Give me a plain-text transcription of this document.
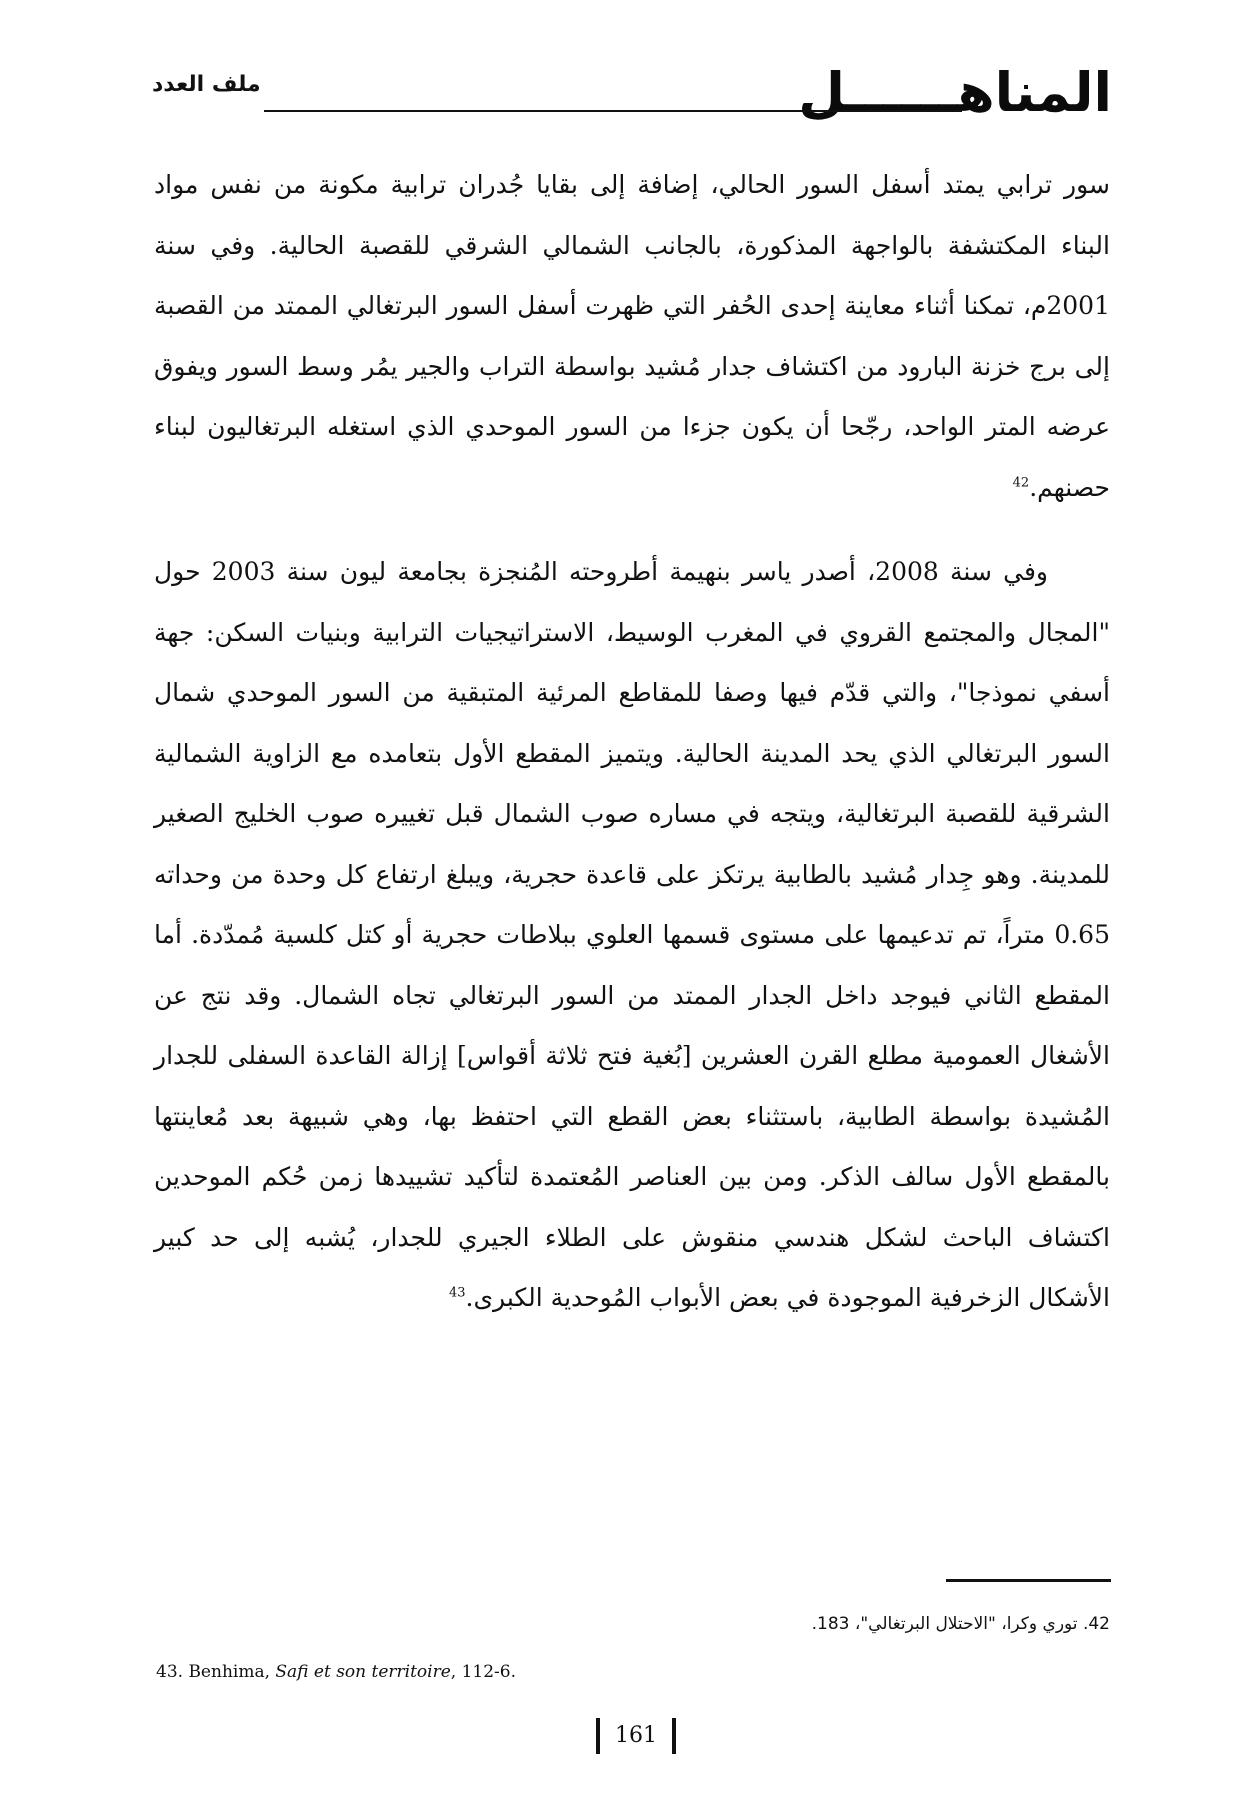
المناهــــــل
ملف العدد

سور ترابي يمتد أسفل السور الحالي، إضافة إلى بقايا جُدران ترابية مكونة من نفس مواد البناء المكتشفة بالواجهة المذكورة، بالجانب الشمالي الشرقي للقصبة الحالية. وفي سنة 2001م، تمكنا أثناء معاينة إحدى الحُفر التي ظهرت أسفل السور البرتغالي الممتد من القصبة إلى برج خزنة البارود من اكتشاف جدار مُشيد بواسطة التراب والجير يمُر وسط السور ويفوق عرضه المتر الواحد، رجّحا أن يكون جزءا من السور الموحدي الذي استغله البرتغاليون لبناء حصنهم.$^{42}$

وفي سنة 2008، أصدر ياسر بنهيمة أطروحته المُنجزة بجامعة ليون سنة 2003 حول "المجال والمجتمع القروي في المغرب الوسيط، الاستراتيجيات الترابية وبنيات السكن: جهة أسفي نموذجا"، والتي قدّم فيها وصفا للمقاطع المرئية المتبقية من السور الموحدي شمال السور البرتغالي الذي يحد المدينة الحالية. ويتميز المقطع الأول بتعامده مع الزاوية الشمالية الشرقية للقصبة البرتغالية، ويتجه في مساره صوب الشمال قبل تغييره صوب الخليج الصغير للمدينة. وهو جِدار مُشيد بالطابية يرتكز على قاعدة حجرية، ويبلغ ارتفاع كل وحدة من وحداته 0.65 متراً، تم تدعيمها على مستوى قسمها العلوي ببلاطات حجرية أو كتل كلسية مُمدّدة. أما المقطع الثاني فيوجد داخل الجدار الممتد من السور البرتغالي تجاه الشمال. وقد نتج عن الأشغال العمومية مطلع القرن العشرين [بُغية فتح ثلاثة أقواس] إزالة القاعدة السفلى للجدار المُشيدة بواسطة الطابية، باستثناء بعض القطع التي احتفظ بها، وهي شبيهة بعد مُعاينتها بالمقطع الأول سالف الذكر. ومن بين العناصر المُعتمدة لتأكيد تشييدها زمن حُكم الموحدين اكتشاف الباحث لشكل هندسي منقوش على الطلاء الجيري للجدار، يُشبه إلى حد كبير الأشكال الزخرفية الموجودة في بعض الأبواب المُوحدية الكبرى.$^{43}$

42. توري وكرا، "الاحتلال البرتغالي"، 183.
43. Benhima, Safi et son territoire, 112-6.
161
